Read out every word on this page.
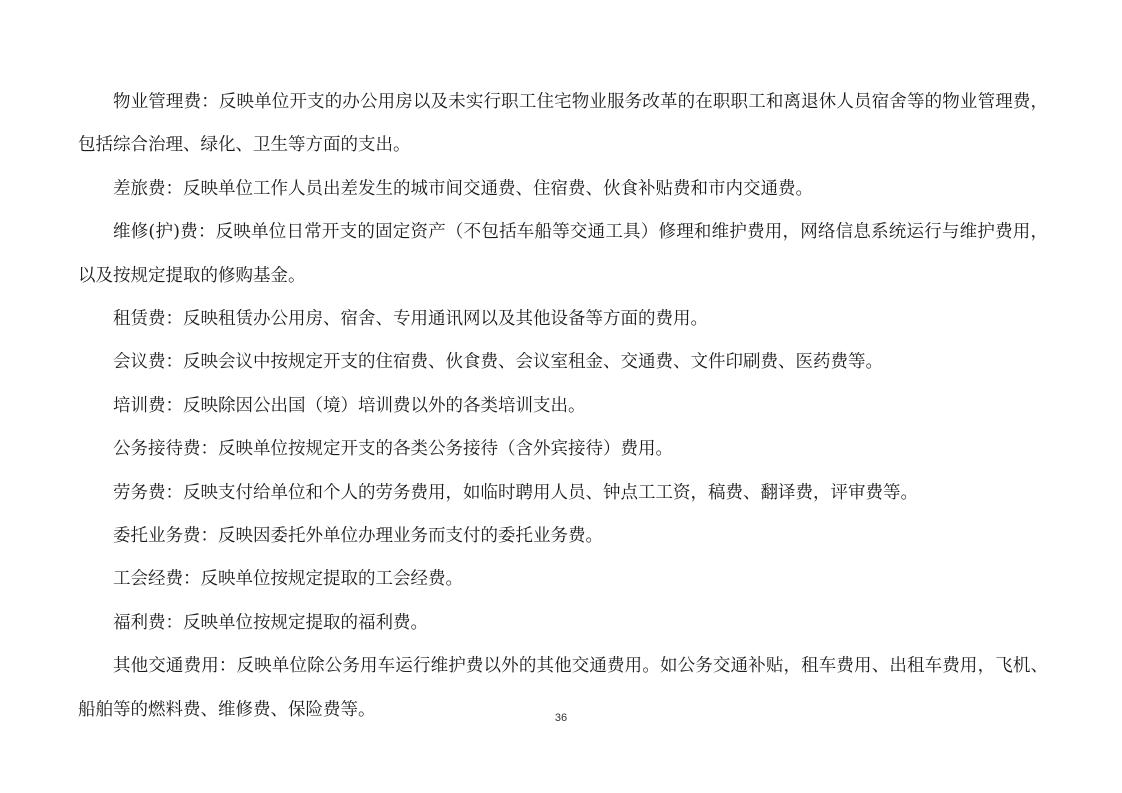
物业管理费：反映单位开支的办公用房以及未实行职工住宅物业服务改革的在职职工和离退休人员宿舍等的物业管理费，包括综合治理、绿化、卫生等方面的支出。

差旅费：反映单位工作人员出差发生的城市间交通费、住宿费、伙食补贴费和市内交通费。

维修(护)费：反映单位日常开支的固定资产（不包括车船等交通工具）修理和维护费用，网络信息系统运行与维护费用，以及按规定提取的修购基金。

租赁费：反映租赁办公用房、宿舍、专用通讯网以及其他设备等方面的费用。

会议费：反映会议中按规定开支的住宿费、伙食费、会议室租金、交通费、文件印刷费、医药费等。

培训费：反映除因公出国（境）培训费以外的各类培训支出。

公务接待费：反映单位按规定开支的各类公务接待（含外宾接待）费用。

劳务费：反映支付给单位和个人的劳务费用，如临时聘用人员、钟点工工资，稿费、翻译费，评审费等。

委托业务费：反映因委托外单位办理业务而支付的委托业务费。

工会经费：反映单位按规定提取的工会经费。

福利费：反映单位按规定提取的福利费。

其他交通费用：反映单位除公务用车运行维护费以外的其他交通费用。如公务交通补贴，租车费用、出租车费用，飞机、船舶等的燃料费、维修费、保险费等。	36
